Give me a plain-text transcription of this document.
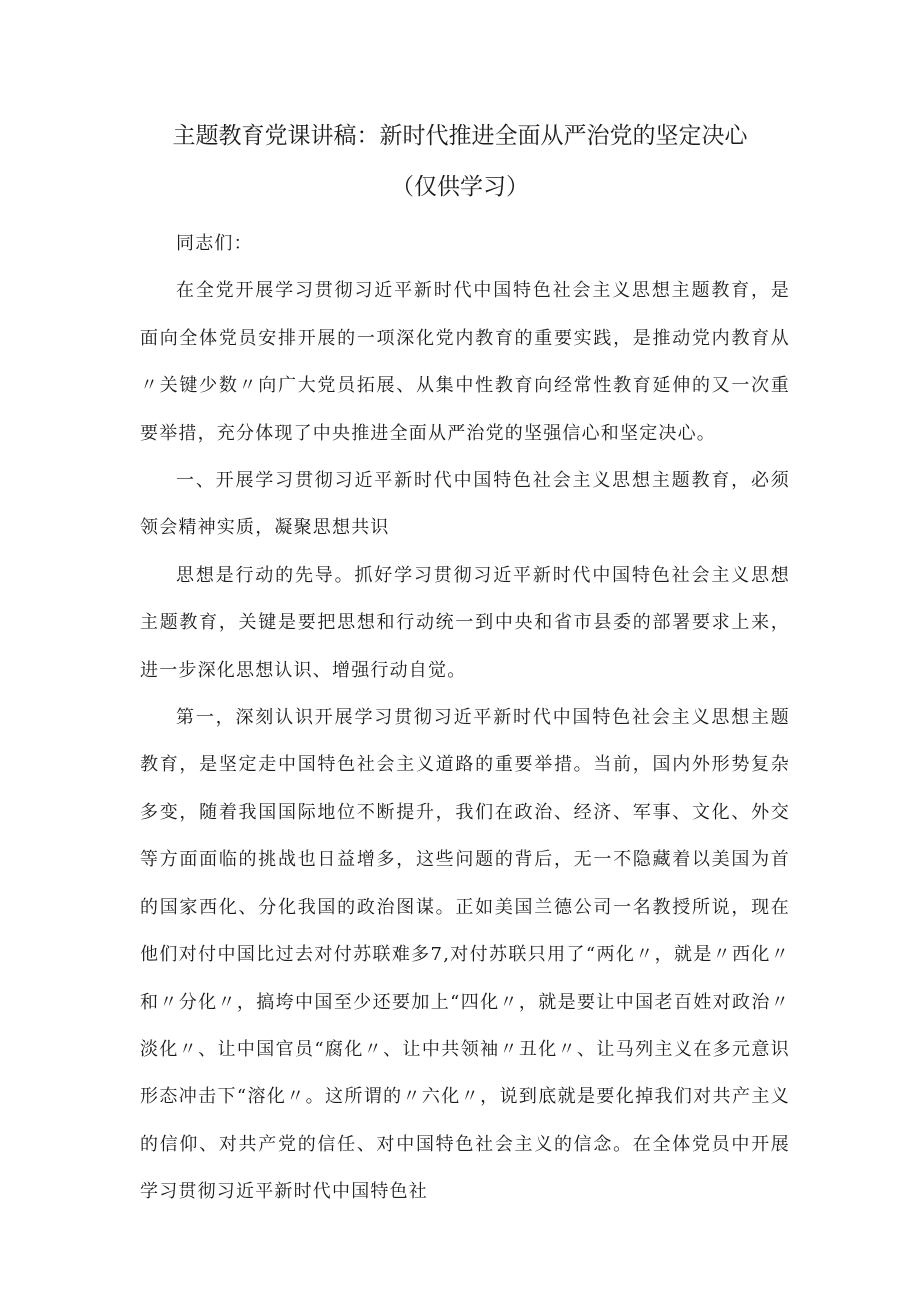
主题教育党课讲稿：新时代推进全面从严治党的坚定决心
（仅供学习）

同志们：

在全党开展学习贯彻习近平新时代中国特色社会主义思想主题教育，是面向全体党员安排开展的一项深化党内教育的重要实践，是推动党内教育从〃关键少数〃向广大党员拓展、从集中性教育向经常性教育延伸的又一次重要举措，充分体现了中央推进全面从严治党的坚强信心和坚定决心。

一、开展学习贯彻习近平新时代中国特色社会主义思想主题教育，必须领会精神实质，凝聚思想共识

思想是行动的先导。抓好学习贯彻习近平新时代中国特色社会主义思想主题教育，关键是要把思想和行动统一到中央和省市县委的部署要求上来，进一步深化思想认识、增强行动自觉。

第一，深刻认识开展学习贯彻习近平新时代中国特色社会主义思想主题教育，是坚定走中国特色社会主义道路的重要举措。当前，国内外形势复杂多变，随着我国国际地位不断提升，我们在政治、经济、军事、文化、外交等方面面临的挑战也日益增多，这些问题的背后，无一不隐藏着以美国为首的国家西化、分化我国的政治图谋。正如美国兰德公司一名教授所说，现在他们对付中国比过去对付苏联难多7,对付苏联只用了“两化〃，就是〃西化〃和〃分化〃，搞垮中国至少还要加上“四化〃，就是要让中国老百姓对政治〃淡化〃、让中国官员“腐化〃、让中共领袖〃丑化〃、让马列主义在多元意识形态冲击下“溶化〃。这所谓的〃六化〃，说到底就是要化掉我们对共产主义的信仰、对共产党的信任、对中国特色社会主义的信念。在全体党员中开展学习贯彻习近平新时代中国特色社
